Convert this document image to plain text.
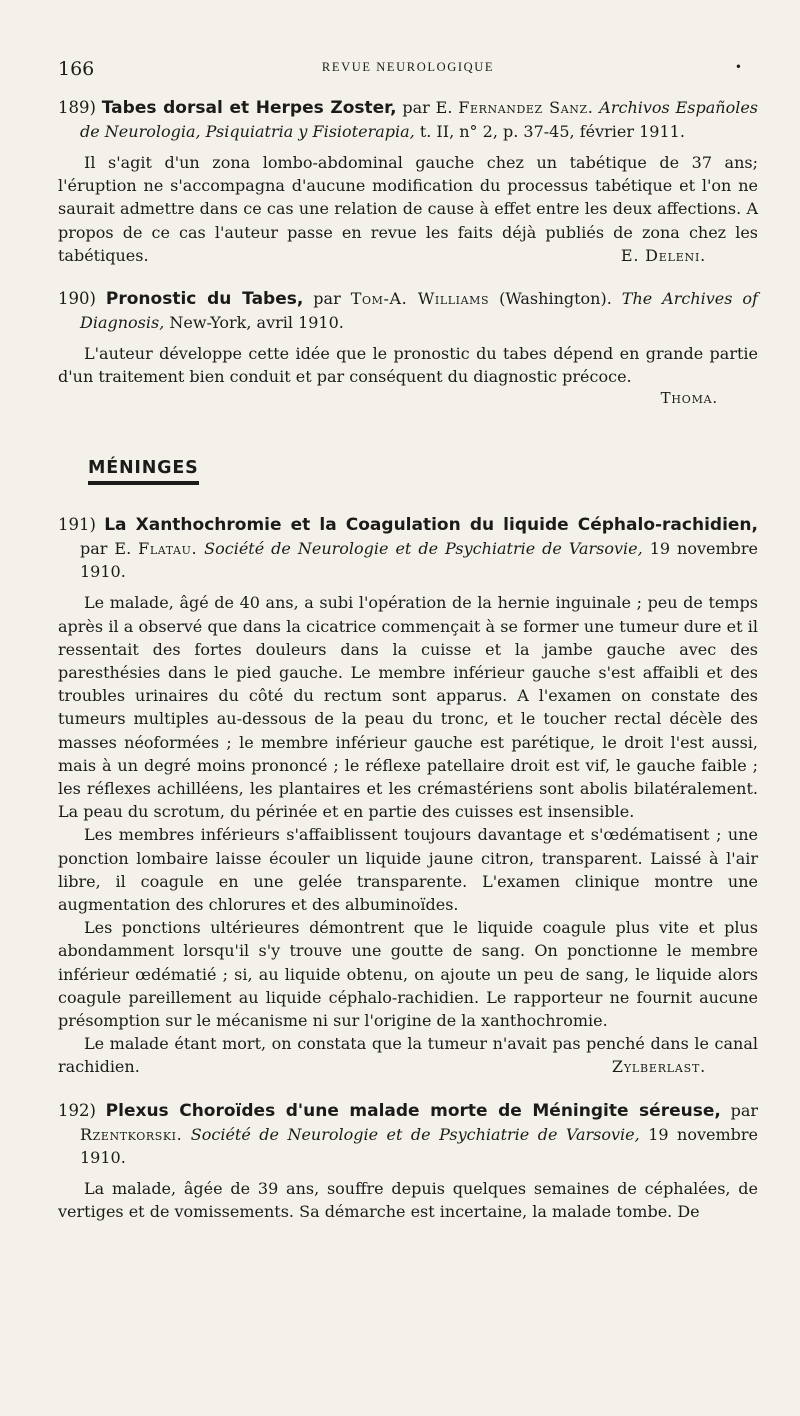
166	REVUE NEUROLOGIQUE	•
189) Tabes dorsal et Herpes Zoster, par E. Fernandez Sanz. Archivos Españoles de Neurologia, Psiquiatria y Fisioterapia, t. II, n° 2, p. 37-45, février 1911.

Il s'agit d'un zona lombo-abdominal gauche chez un tabétique de 37 ans; l'éruption ne s'accompagna d'aucune modification du processus tabétique et l'on ne saurait admettre dans ce cas une relation de cause à effet entre les deux affections. A propos de ce cas l'auteur passe en revue les faits déjà publiés de zona chez les tabétiques.	E. Deleni.

190) Pronostic du Tabes, par Tom-A. Williams (Washington). The Archives of Diagnosis, New-York, avril 1910.

L'auteur développe cette idée que le pronostic du tabes dépend en grande partie d'un traitement bien conduit et par conséquent du diagnostic précoce.

Thoma.
MÉNINGES
191) La Xanthochromie et la Coagulation du liquide Céphalo-rachidien, par E. Flatau. Société de Neurologie et de Psychiatrie de Varsovie, 19 novembre 1910.

Le malade, âgé de 40 ans, a subi l'opération de la hernie inguinale ; peu de temps après il a observé que dans la cicatrice commençait à se former une tumeur dure et il ressentait des fortes douleurs dans la cuisse et la jambe gauche avec des paresthésies dans le pied gauche. Le membre inférieur gauche s'est affaibli et des troubles urinaires du côté du rectum sont apparus. A l'examen on constate des tumeurs multiples au-dessous de la peau du tronc, et le toucher rectal décèle des masses néoformées ; le membre inférieur gauche est parétique, le droit l'est aussi, mais à un degré moins prononcé ; le réflexe patellaire droit est vif, le gauche faible ; les réflexes achilléens, les plantaires et les crémastériens sont abolis bilatéralement. La peau du scrotum, du périnée et en partie des cuisses est insensible.

Les membres inférieurs s'affaiblissent toujours davantage et s'œdématisent ; une ponction lombaire laisse écouler un liquide jaune citron, transparent. Laissé à l'air libre, il coagule en une gelée transparente. L'examen clinique montre une augmentation des chlorures et des albuminoïdes.

Les ponctions ultérieures démontrent que le liquide coagule plus vite et plus abondamment lorsqu'il s'y trouve une goutte de sang. On ponctionne le membre inférieur œdématié ; si, au liquide obtenu, on ajoute un peu de sang, le liquide alors coagule pareillement au liquide céphalo-rachidien. Le rapporteur ne fournit aucune présomption sur le mécanisme ni sur l'origine de la xanthochromie.

Le malade étant mort, on constata que la tumeur n'avait pas penché dans le canal rachidien.	Zylberlast.

192) Plexus Choroïdes d'une malade morte de Méningite séreuse, par Rzentkorski. Société de Neurologie et de Psychiatrie de Varsovie, 19 novembre 1910.

La malade, âgée de 39 ans, souffre depuis quelques semaines de céphalées, de vertiges et de vomissements. Sa démarche est incertaine, la malade tombe. De
